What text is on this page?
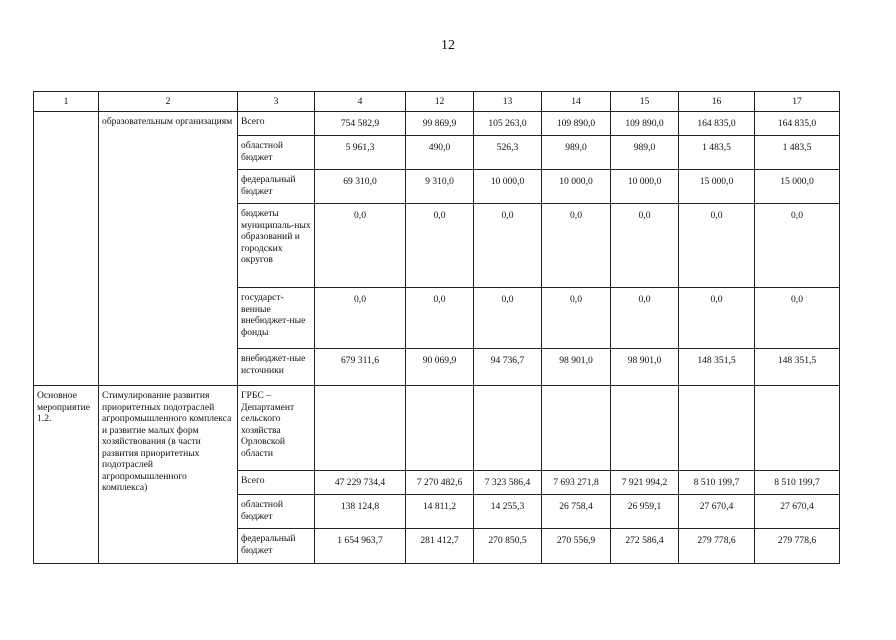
12
1	2	3	4	12	13	14	15	16	17
	образовательным организациям	Всего	754 582,9	99 869,9	105 263,0	109 890,0	109 890,0	164 835,0	164 835,0
		областной бюджет	5 961,3	490,0	526,3	989,0	989,0	1 483,5	1 483,5
		федеральный бюджет	69 310,0	9 310,0	10 000,0	10 000,0	10 000,0	15 000,0	15 000,0
		бюджеты муниципаль-ных образований и городских округов	0,0	0,0	0,0	0,0	0,0	0,0	0,0
		государст-венные внебюджет-ные фонды	0,0	0,0	0,0	0,0	0,0	0,0	0,0
		внебюджет-ные источники	679 311,6	90 069,9	94 736,7	98 901,0	98 901,0	148 351,5	148 351,5
Основное мероприятие 1.2.	Стимулирование развития приоритетных подотраслей агропромышленного комплекса и развитие малых форм хозяйствования (в части развития приоритетных подотраслей агропромышленного комплекса)	ГРБС – Департамент сельского хозяйства Орловской области							
		Всего	47 229 734,4	7 270 482,6	7 323 586,4	7 693 271,8	7 921 994,2	8 510 199,7	8 510 199,7
		областной бюджет	138 124,8	14 811,2	14 255,3	26 758,4	26 959,1	27 670,4	27 670,4
		федеральный бюджет	1 654 963,7	281 412,7	270 850,5	270 556,9	272 586,4	279 778,6	279 778,6
